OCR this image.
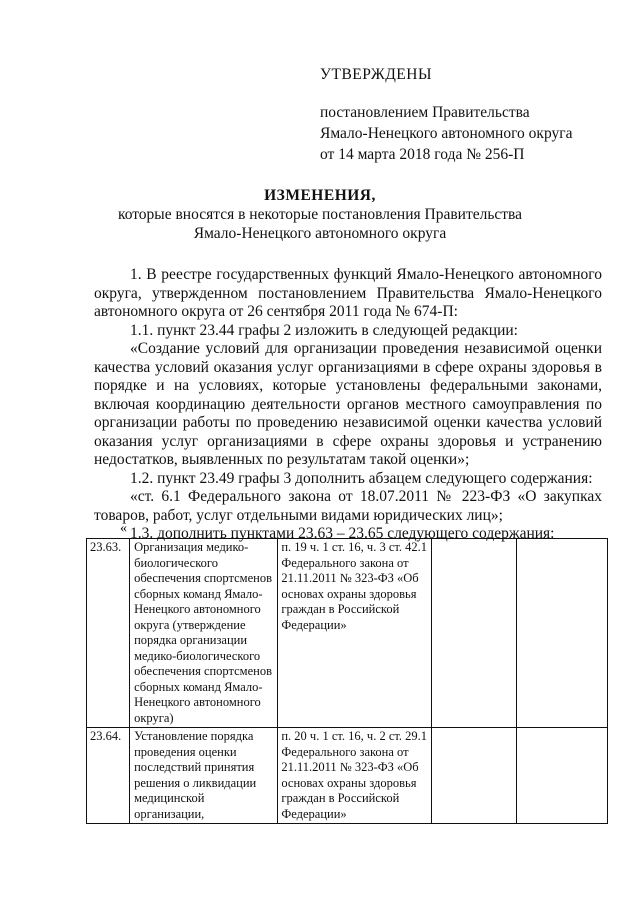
УТВЕРЖДЕНЫ
постановлением Правительства
Ямало-Ненецкого автономного округа
от 14 марта 2018 года № 256-П
ИЗМЕНЕНИЯ,
которые вносятся в некоторые постановления Правительства
Ямало-Ненецкого автономного округа

1. В реестре государственных функций Ямало-Ненецкого автономного округа, утвержденном постановлением Правительства Ямало-Ненецкого автономного округа от 26 сентября 2011 года № 674-П:

1.1. пункт 23.44 графы 2 изложить в следующей редакции:

«Создание условий для организации проведения независимой оценки качества условий оказания услуг организациями в сфере охраны здоровья в порядке и на условиях, которые установлены федеральными законами, включая координацию деятельности органов местного самоуправления по организации работы по проведению независимой оценки качества условий оказания услуг организациями в сфере охраны здоровья и устранению недостатков, выявленных по результатам такой оценки»;

1.2. пункт 23.49 графы 3 дополнить абзацем следующего содержания:

«ст. 6.1 Федерального закона от 18.07.2011 № 223-ФЗ «О закупках товаров, работ, услуг отдельными видами юридических лиц»;

1.3. дополнить пунктами 23.63 – 23.65 следующего содержания:

«
23.63.	Организация медико-биологического обеспечения спортсменов сборных команд Ямало-Ненецкого автономного округа (утверждение порядка организации медико-биологического обеспечения спортсменов сборных команд Ямало-Ненецкого автономного округа)	п. 19 ч. 1 ст. 16, ч. 3 ст. 42.1 Федерального закона от 21.11.2011 № 323-ФЗ «Об основах охраны здоровья граждан в Российской Федерации»		
23.64.	Установление порядка проведения оценки последствий принятия решения о ликвидации медицинской организации,	п. 20 ч. 1 ст. 16, ч. 2 ст. 29.1 Федерального закона от 21.11.2011 № 323-ФЗ «Об основах охраны здоровья граждан в Российской Федерации»		
